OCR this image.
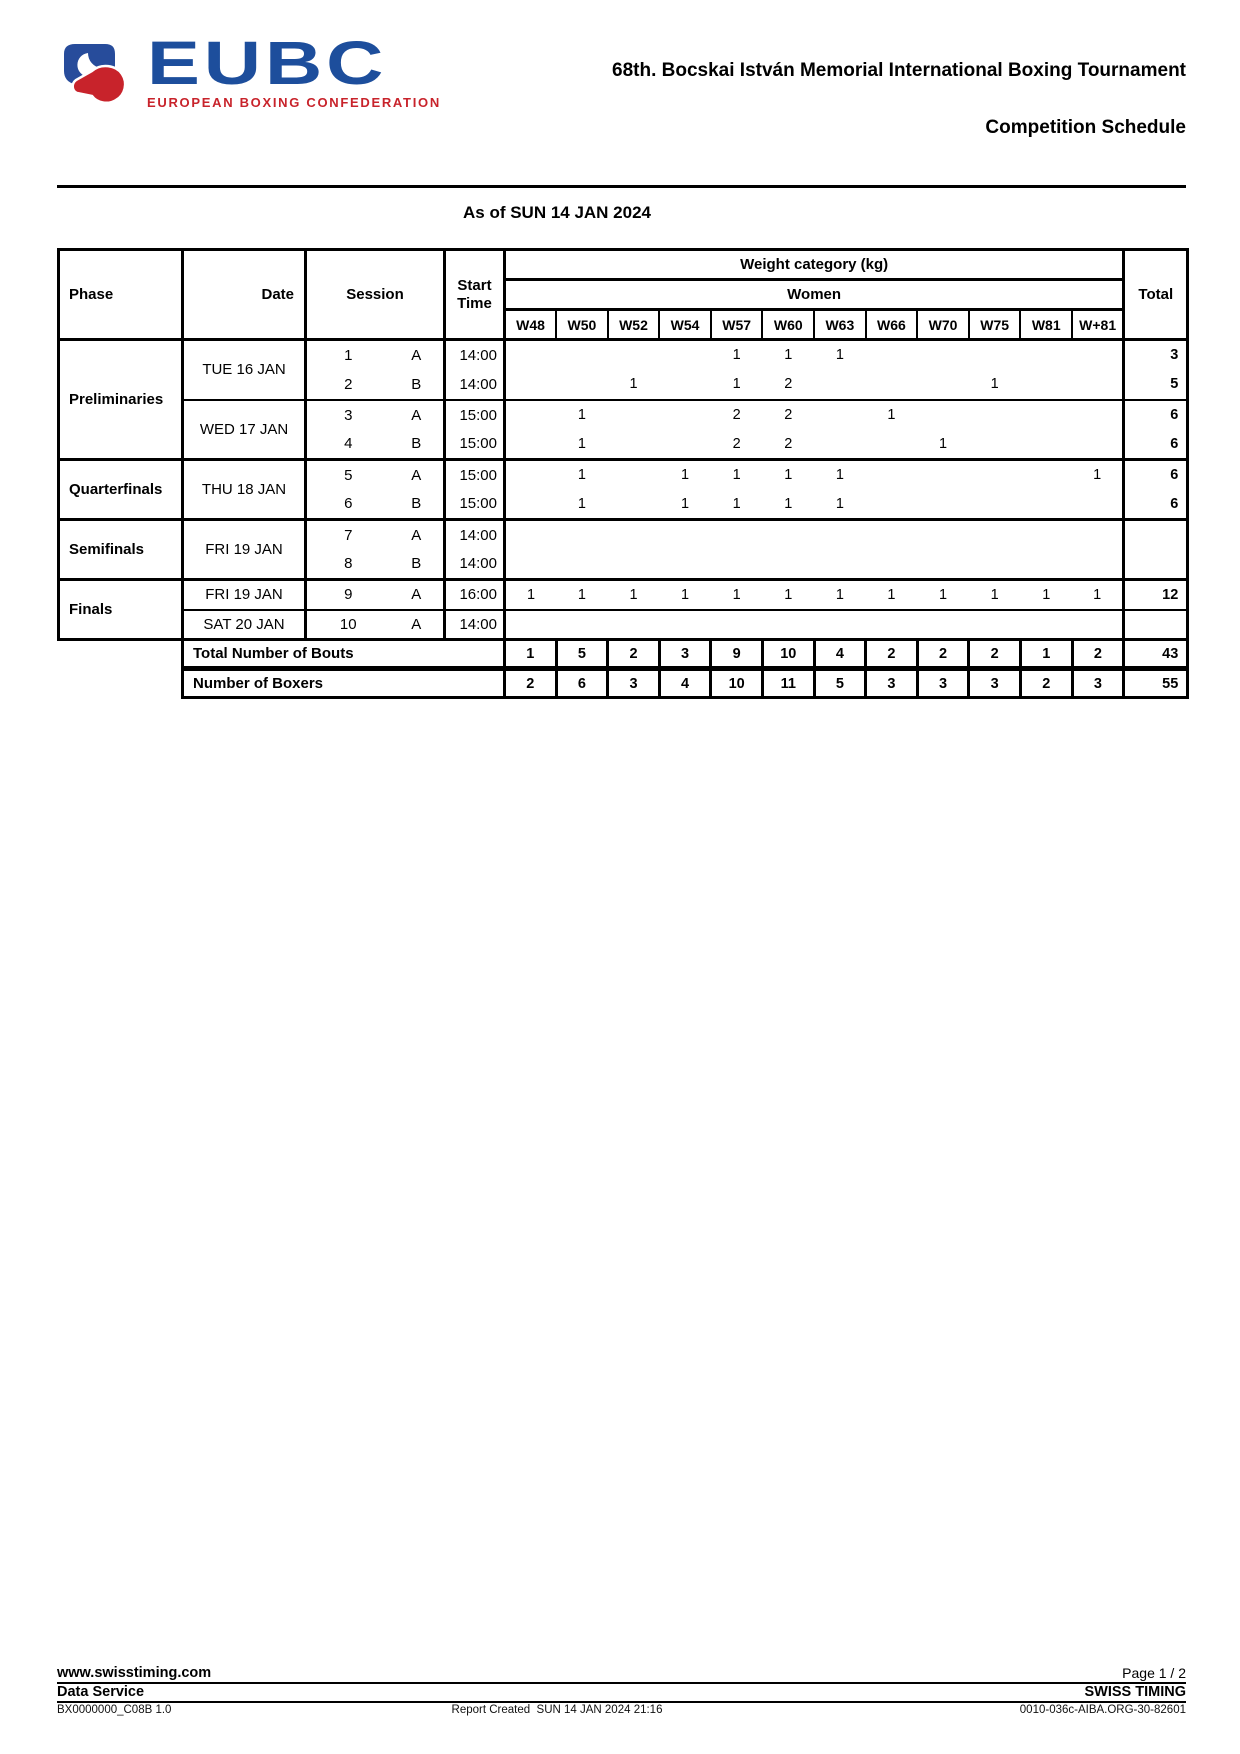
EUBC
EUROPEAN BOXING CONFEDERATION
68th. Bocskai István Memorial International Boxing Tournament
Competition Schedule
As of SUN 14 JAN 2024
Phase	Date	Session		Start Time	Weight category (kg)												Total
					Women												
					W48	W50	W52	W54	W57	W60	W63	W66	W70	W75	W81	W+81	
Preliminaries	TUE 16 JAN	1	A	14:00					1	1	1						3
		2	B	14:00			1		1	2				1			5
	WED 17 JAN	3	A	15:00		1			2	2		1					6
		4	B	15:00		1			2	2			1				6
Quarterfinals	THU 18 JAN	5	A	15:00		1		1	1	1	1					1	6
		6	B	15:00		1		1	1	1	1						6
Semifinals	FRI 19 JAN	7	A	14:00													
		8	B	14:00													
Finals	FRI 19 JAN	9	A	16:00	1	1	1	1	1	1	1	1	1	1	1	1	12
	SAT 20 JAN	10	A	14:00													
	Total Number of Bouts				1	5	2	3	9	10	4	2	2	2	1	2	43
	Number of Boxers				2	6	3	4	10	11	5	3	3	3	2	3	55
www.swisstiming.com	Page 1 / 2
Data Service	SWISS TIMING
BX0000000_C08B 1.0	Report Created  SUN 14 JAN 2024 21:16	0010-036c-AIBA.ORG-30-82601
